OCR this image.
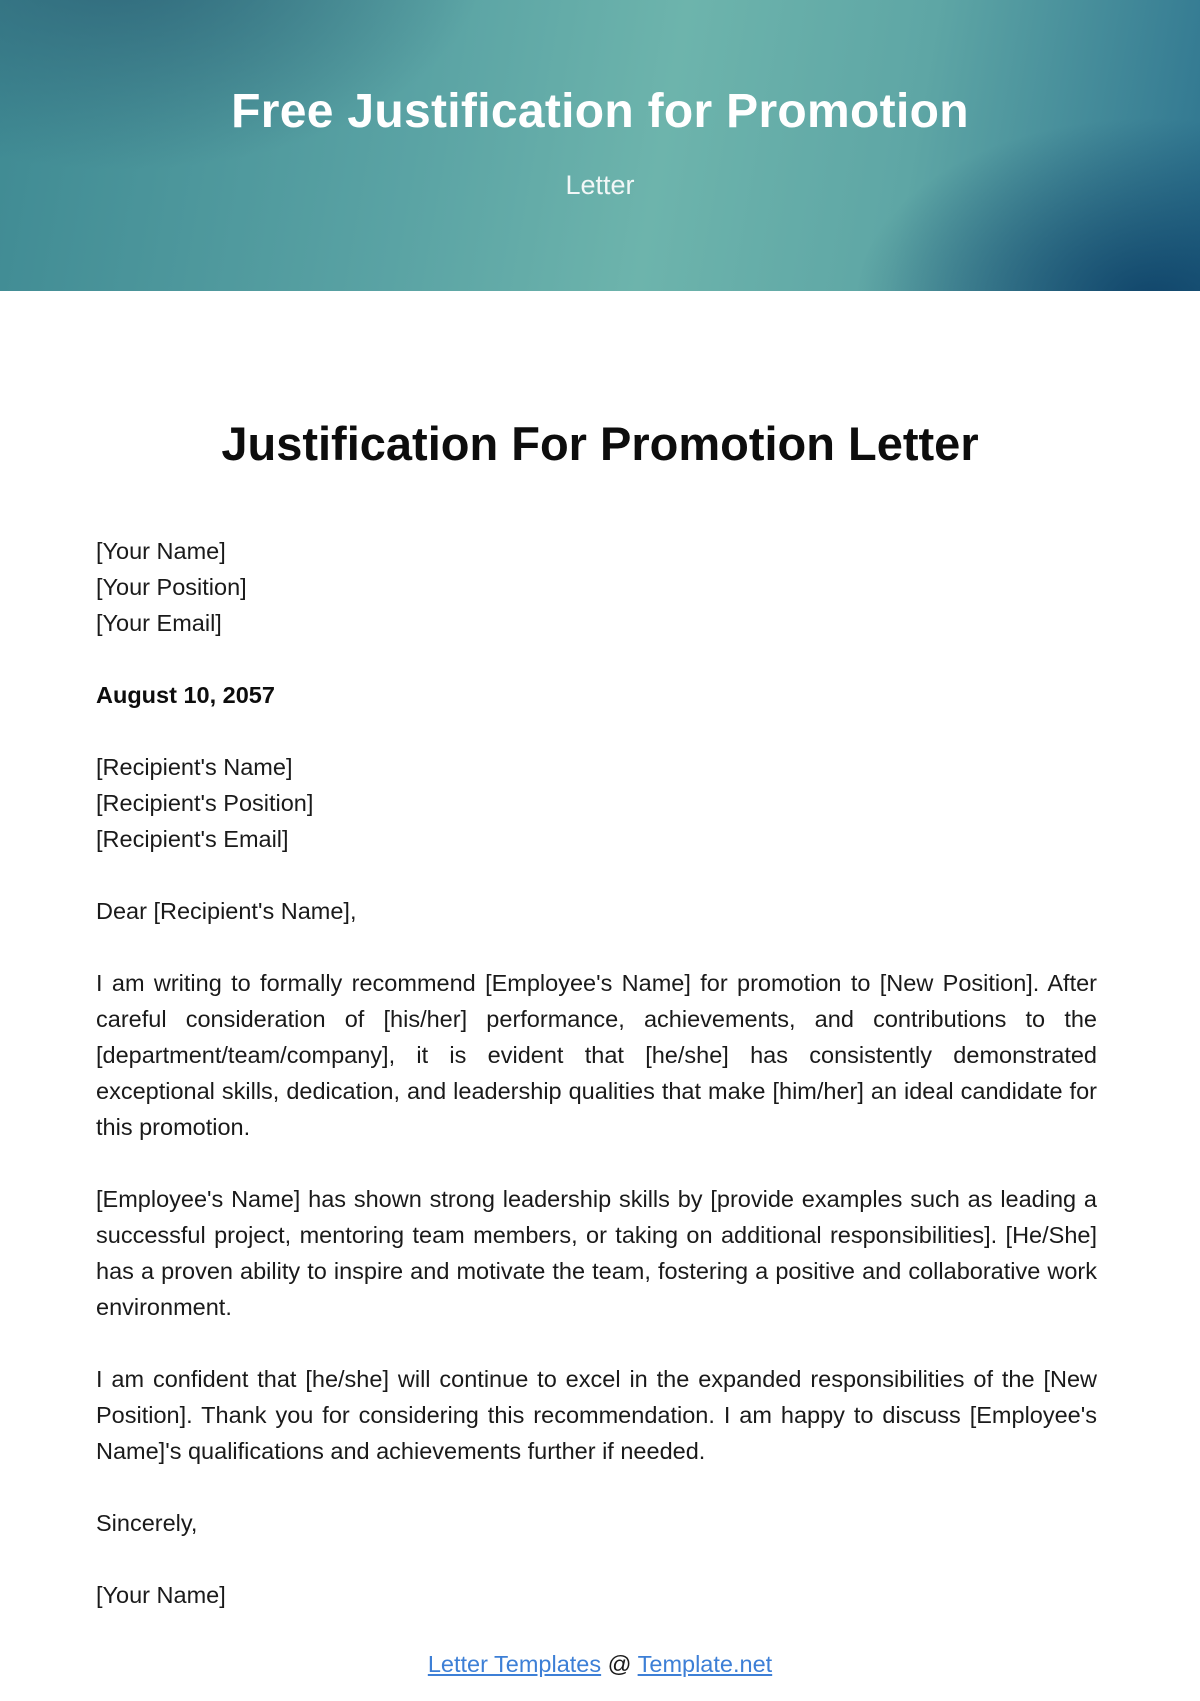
Free Justification for Promotion
Letter
Justification For Promotion Letter
[Your Name]
[Your Position]
[Your Email]
August 10, 2057
[Recipient's Name]
[Recipient's Position]
[Recipient's Email]
Dear [Recipient's Name],

I am writing to formally recommend [Employee's Name] for promotion to [New Position]. After careful consideration of [his/her] performance, achievements, and contributions to the [department/team/company], it is evident that [he/she] has consistently demonstrated exceptional skills, dedication, and leadership qualities that make [him/her] an ideal candidate for this promotion.

[Employee's Name] has shown strong leadership skills by [provide examples such as leading a successful project, mentoring team members, or taking on additional responsibilities]. [He/She] has a proven ability to inspire and motivate the team, fostering a positive and collaborative work environment.

I am confident that [he/she] will continue to excel in the expanded responsibilities of the [New Position]. Thank you for considering this recommendation. I am happy to discuss [Employee's Name]'s qualifications and achievements further if needed.

Sincerely,
[Your Name]
Letter Templates @ Template.net
